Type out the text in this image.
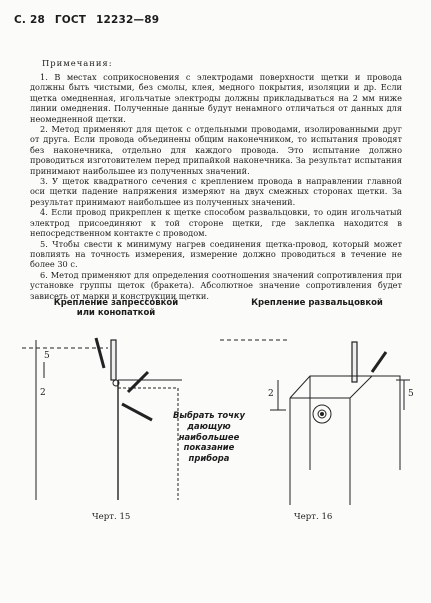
С. 28 ГОСТ 12232—89
Примечания:

1. В местах соприкосновения с электродами поверхности щетки и провода должны быть чистыми, без смолы, клея, медного покрытия, изоляции и др. Если щетка омедненная, игольчатые электроды должны прикладываться на 2 мм ниже линии омеднения. Полученные данные будут ненамного отличаться от данных для неомедненной щетки.

2. Метод применяют для щеток с отдельными проводами, изолированными друг от друга. Если провода объединены общим наконечником, то испытания проводят без наконечника, отдельно для каждого провода. Это испытание должно проводиться изготовителем перед припайкой наконечника. За результат испытания принимают наибольшее из полученных значений.

3. У щеток квадратного сечения с креплением провода в направлении главной оси щетки падение напряжения измеряют на двух смежных сторонах щетки. За результат принимают наибольшее из полученных значений.

4. Если провод прикреплен к щетке способом развальцовки, то один игольчатый электрод присоединяют к той стороне щетки, где заклепка находится в непосредственном контакте с проводом.

5. Чтобы свести к минимуму нагрев соединения щетка-провод, который может повлиять на точность измерения, измерение должно проводиться в течение не более 30 с.

6. Метод применяют для определения соотношения значений сопротивления при установке группы щеток (бракета). Абсолютное значение сопротивления будет зависеть от марки и конструкции щетки.

Крепление запрессовкой
или конопаткой
Крепление развальцовкой
Выбрать точку
дающую
наибольшее
показание прибора
Черт. 15	Черт. 16
5
2	2	5
